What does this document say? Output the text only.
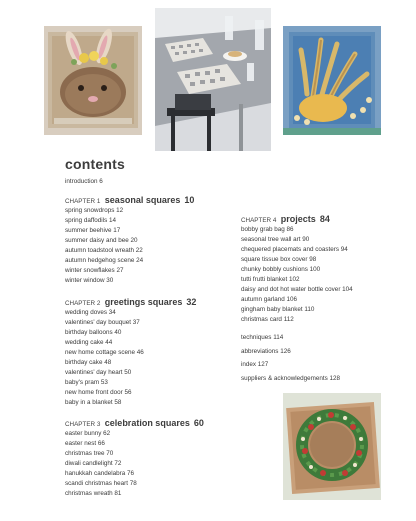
contents
introduction 6
CHAPTER 1 seasonal squares 10
spring snowdrops 12
spring daffodils 14
summer beehive 17
summer daisy and bee 20
autumn toadstool wreath 22
autumn hedgehog scene 24
winter snowflakes 27
winter window 30
CHAPTER 2 greetings squares 32
wedding doves 34
valentines' day bouquet 37
birthday balloons 40
wedding cake 44
new home cottage scene 46
birthday cake 48
valentines' day heart 50
baby's pram 53
new home front door 56
baby in a blanket 58
CHAPTER 3 celebration squares 60
easter bunny 62
easter nest 66
christmas tree 70
diwali candlelight 72
hanukkah candelabra 76
scandi christmas heart 78
christmas wreath 81
CHAPTER 4 projects 84
bobby grab bag 86
seasonal tree wall art 90
chequered placemats and coasters 94
square tissue box cover 98
chunky bobbly cushions 100
tutti frutti blanket 102
daisy and dot hot water bottle cover 104
autumn garland 106
gingham baby blanket 110
christmas card 112
techniques 114
abbreviations 126
index 127
suppliers & acknowledgements 128
